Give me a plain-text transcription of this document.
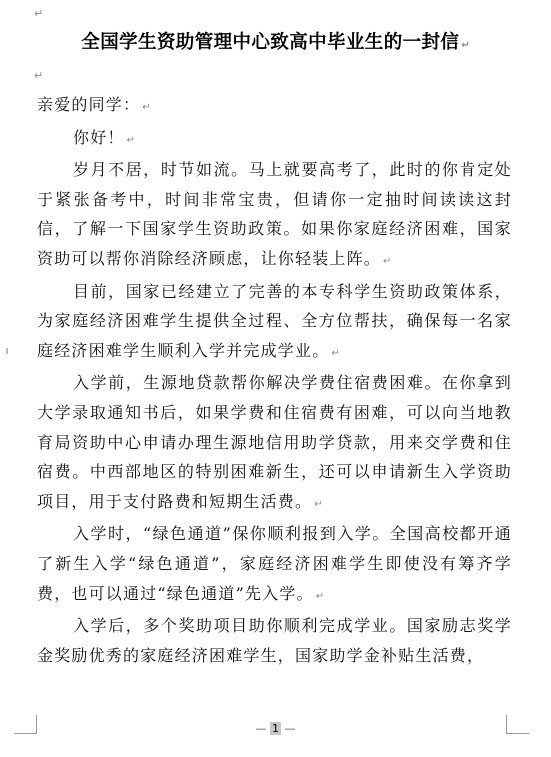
↵
全国学生资助管理中心致高中毕业生的一封信 ↵
↵

亲爱的同学： ↵

你好！ ↵

岁月不居，时节如流。马上就要高考了，此时的你肯定处于紧张备考中，时间非常宝贵，但请你一定抽时间读读这封信，了解一下国家学生资助政策。如果你家庭经济困难，国家资助可以帮你消除经济顾虑，让你轻装上阵。 ↵

目前，国家已经建立了完善的本专科学生资助政策体系，为家庭经济困难学生提供全过程、全方位帮扶，确保每一名家庭经济困难学生顺利入学并完成学业。 ↵

入学前，生源地贷款帮你解决学费住宿费困难。在你拿到大学录取通知书后，如果学费和住宿费有困难，可以向当地教育局资助中心申请办理生源地信用助学贷款，用来交学费和住宿费。中西部地区的特别困难新生，还可以申请新生入学资助项目，用于支付路费和短期生活费。 ↵

入学时，“绿色通道”保你顺利报到入学。全国高校都开通了新生入学“绿色通道”，家庭经济困难学生即使没有筹齐学费，也可以通过“绿色通道”先入学。 ↵

入学后，多个奖助项目助你顺利完成学业。国家励志奖学金奖励优秀的家庭经济困难学生，国家助学金补贴生活费，

— 1 —
